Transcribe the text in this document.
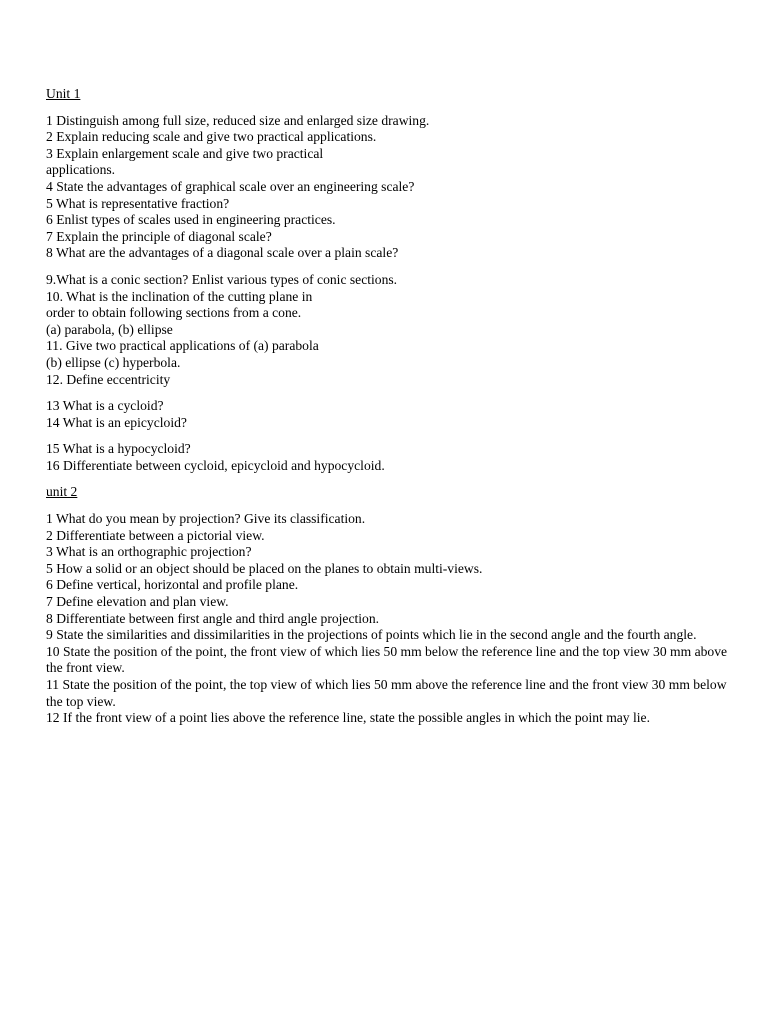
Unit 1
1 Distinguish among full size, reduced size and enlarged size drawing.
2 Explain reducing scale and give two practical applications.
3 Explain enlargement scale and give two practical
applications.
4 State the advantages of graphical scale over an engineering scale?
5 What is representative fraction?
6 Enlist types of scales used in engineering practices.
7 Explain the principle of diagonal scale?
8 What are the advantages of a diagonal scale over a plain scale?
9.What is a conic section? Enlist various types of conic sections.
10. What is the inclination of the cutting plane in
order to obtain following sections from a cone.
(a) parabola, (b) ellipse
11. Give two practical applications of (a) parabola
(b) ellipse (c) hyperbola.
12. Define eccentricity
13 What is a cycloid?
14 What is an epicycloid?
15 What is a hypocycloid?
16 Differentiate between cycloid, epicycloid and hypocycloid.
unit 2
1 What do you mean by projection? Give its classification.
2 Differentiate between a pictorial view.
3 What is an orthographic projection?
5 How a solid or an object should be placed on the planes to obtain multi-views.
6 Define vertical, horizontal and profile plane.
7 Define elevation and plan view.
8 Differentiate between first angle and third angle projection.
9 State the similarities and dissimilarities in the projections of points which lie in the second angle and the fourth angle.
10 State the position of the point, the front view of which lies 50 mm below the reference line and the top view 30 mm above the front view.
11 State the position of the point, the top view of which lies 50 mm above the reference line and the front view 30 mm below the top view.
12 If the front view of a point lies above the reference line, state the possible angles in which the point may lie.
